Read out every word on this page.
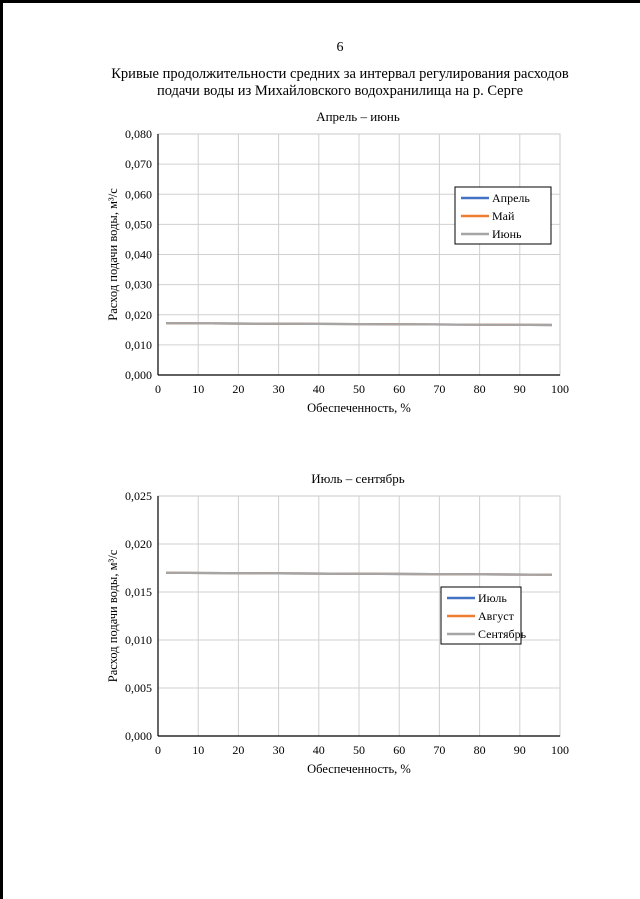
6
Кривые продолжительности средних за интервал регулирования расходов
подачи воды из Михайловского водохранилища на р. Серге
Апрель – июнь
0	10 20 30 40 50 60 70 80 90 100
0,000
0,010
0,020
0,030
0,040
0,050
0,060
0,070
0,080
Обеспеченность, %
Расход подачи воды, м³/с	Апрель
Май
Июнь
Июль – сентябрь
0	10 20 30 40 50 60 70 80 90 100
0,000
0,005
0,010
0,015
0,020
0,025
Обеспеченность, %
Расход подачи воды, м³/с	Июль
Август
Сентябрь
